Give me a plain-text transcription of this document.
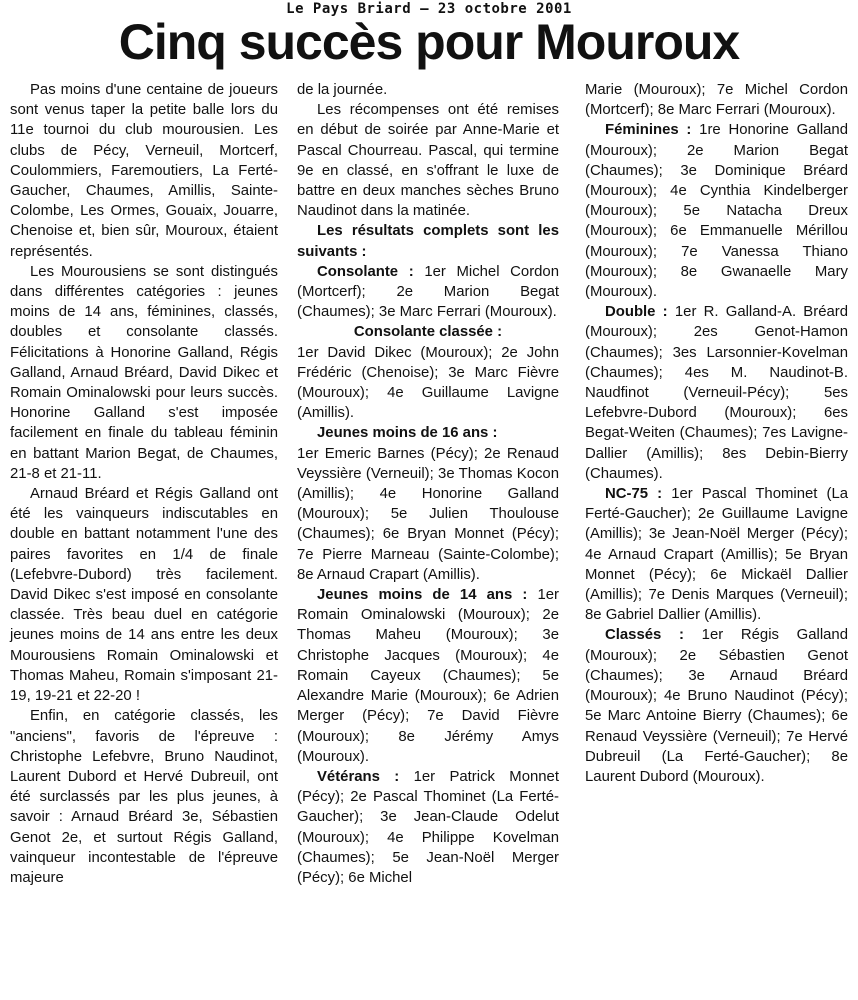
Le Pays Briard – 23 octobre 2001
Cinq succès pour Mouroux

Pas moins d'une centaine de joueurs sont venus taper la petite balle lors du 11e tournoi du club mourousien. Les clubs de Pécy, Verneuil, Mortcerf, Coulommiers, Faremoutiers, La Ferté-Gaucher, Chaumes, Amillis, Sainte-Colombe, Les Ormes, Gouaix, Jouarre, Chenoise et, bien sûr, Mouroux, étaient représentés.

Les Mourousiens se sont distingués dans différentes catégories : jeunes moins de 14 ans, féminines, classés, doubles et consolante classés. Félicitations à Honorine Galland, Régis Galland, Arnaud Bréard, David Dikec et Romain Ominalowski pour leurs succès. Honorine Galland s'est imposée facilement en finale du tableau féminin en battant Marion Begat, de Chaumes, 21-8 et 21-11.

Arnaud Bréard et Régis Galland ont été les vainqueurs indiscutables en double en battant notamment l'une des paires favorites en 1/4 de finale (Lefebvre-Dubord) très facilement. David Dikec s'est imposé en consolante classée. Très beau duel en catégorie jeunes moins de 14 ans entre les deux Mourousiens Romain Ominalowski et Thomas Maheu, Romain s'imposant 21-19, 19-21 et 22-20 !

Enfin, en catégorie classés, les "anciens", favoris de l'épreuve : Christophe Lefebvre, Bruno Naudinot, Laurent Dubord et Hervé Dubreuil, ont été surclassés par les plus jeunes, à savoir : Arnaud Bréard 3e, Sébastien Genot 2e, et surtout Régis Galland, vainqueur incontestable de l'épreuve majeure

de la journée.

Les récompenses ont été remises en début de soirée par Anne-Marie et Pascal Chourreau. Pascal, qui termine 9e en classé, en s'offrant le luxe de battre en deux manches sèches Bruno Naudinot dans la matinée.

Les résultats complets sont les suivants :

Consolante : 1er Michel Cordon (Mortcerf); 2e Marion Begat (Chaumes); 3e Marc Ferrari (Mouroux).

Consolante classée :

1er David Dikec (Mouroux); 2e John Frédéric (Chenoise); 3e Marc Fièvre (Mouroux); 4e Guillaume Lavigne (Amillis).

Jeunes moins de 16 ans :

1er Emeric Barnes (Pécy); 2e Renaud Veyssière (Verneuil); 3e Thomas Kocon (Amillis); 4e Honorine Galland (Mouroux); 5e Julien Thoulouse (Chaumes); 6e Bryan Monnet (Pécy); 7e Pierre Marneau (Sainte-Colombe); 8e Arnaud Crapart (Amillis).

Jeunes moins de 14 ans : 1er Romain Ominalowski (Mouroux); 2e Thomas Maheu (Mouroux); 3e Christophe Jacques (Mouroux); 4e Romain Cayeux (Chaumes); 5e Alexandre Marie (Mouroux); 6e Adrien Merger (Pécy); 7e David Fièvre (Mouroux); 8e Jérémy Amys (Mouroux).

Vétérans : 1er Patrick Monnet (Pécy); 2e Pascal Thominet (La Ferté-Gaucher); 3e Jean-Claude Odelut (Mouroux); 4e Philippe Kovelman (Chaumes); 5e Jean-Noël Merger (Pécy); 6e Michel

Marie (Mouroux); 7e Michel Cordon (Mortcerf); 8e Marc Ferrari (Mouroux).

Féminines : 1re Honorine Galland (Mouroux); 2e Marion Begat (Chaumes); 3e Dominique Bréard (Mouroux); 4e Cynthia Kindelberger (Mouroux); 5e Natacha Dreux (Mouroux); 6e Emmanuelle Mérillou (Mouroux); 7e Vanessa Thiano (Mouroux); 8e Gwanaelle Mary (Mouroux).

Double : 1er R. Galland-A. Bréard (Mouroux); 2es Genot-Hamon (Chaumes); 3es Larsonnier-Kovelman (Chaumes); 4es M. Naudinot-B. Naudfinot (Verneuil-Pécy); 5es Lefebvre-Dubord (Mouroux); 6es Begat-Weiten (Chaumes); 7es Lavigne-Dallier (Amillis); 8es Debin-Bierry (Chaumes).

NC-75 : 1er Pascal Thominet (La Ferté-Gaucher); 2e Guillaume Lavigne (Amillis); 3e Jean-Noël Merger (Pécy); 4e Arnaud Crapart (Amillis); 5e Bryan Monnet (Pécy); 6e Mickaël Dallier (Amillis); 7e Denis Marques (Verneuil); 8e Gabriel Dallier (Amillis).

Classés : 1er Régis Galland (Mouroux); 2e Sébastien Genot (Chaumes); 3e Arnaud Bréard (Mouroux); 4e Bruno Naudinot (Pécy); 5e Marc Antoine Bierry (Chaumes); 6e Renaud Veyssière (Verneuil); 7e Hervé Dubreuil (La Ferté-Gaucher); 8e Laurent Dubord (Mouroux).
